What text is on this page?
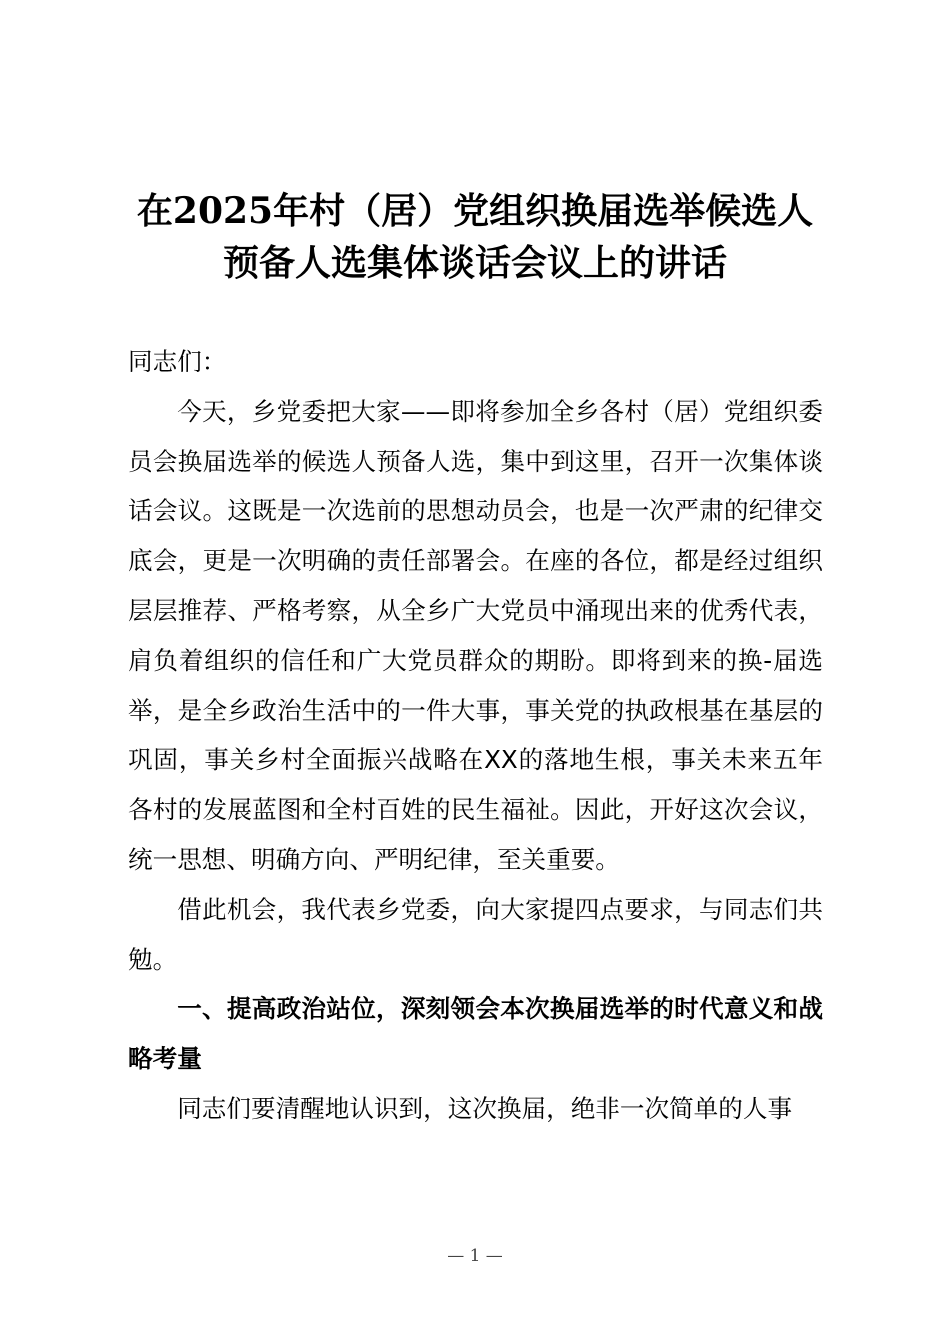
在2025年村（居）党组织换届选举候选人
预备人选集体谈话会议上的讲话

同志们：

今天，乡党委把大家——即将参加全乡各村（居）党组织委员会换届选举的候选人预备人选，集中到这里，召开一次集体谈话会议。这既是一次选前的思想动员会，也是一次严肃的纪律交底会，更是一次明确的责任部署会。在座的各位，都是经过组织层层推荐、严格考察，从全乡广大党员中涌现出来的优秀代表，肩负着组织的信任和广大党员群众的期盼。即将到来的换-届选举，是全乡政治生活中的一件大事，事关党的执政根基在基层的巩固，事关乡村全面振兴战略在XX的落地生根，事关未来五年各村的发展蓝图和全村百姓的民生福祉。因此，开好这次会议，统一思想、明确方向、严明纪律，至关重要。

借此机会，我代表乡党委，向大家提四点要求，与同志们共勉。

一、提高政治站位，深刻领会本次换届选举的时代意义和战略考量

同志们要清醒地认识到，这次换届，绝非一次简单的人事

— 1 —
